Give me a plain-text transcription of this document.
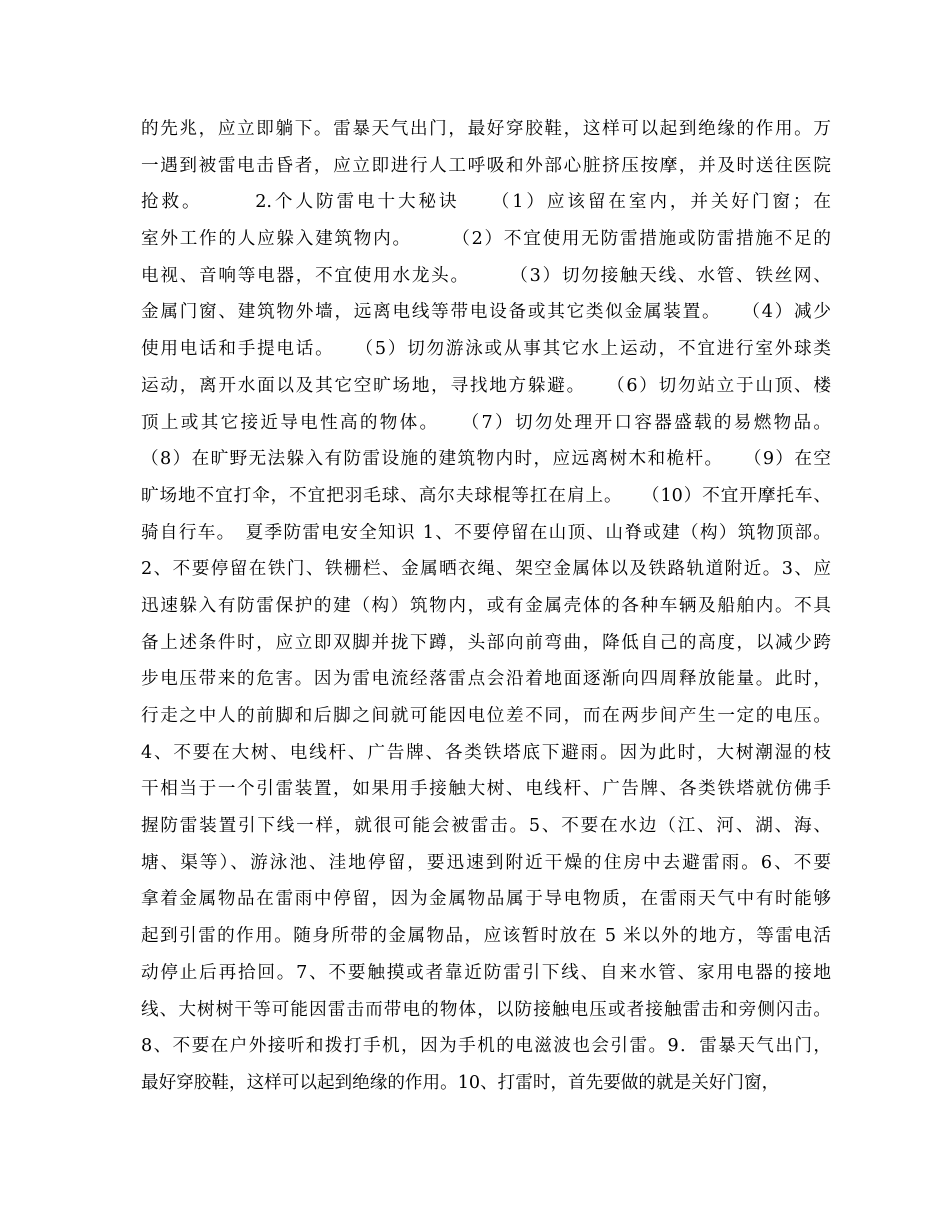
的先兆，应立即躺下。雷暴天气出门，最好穿胶鞋，这样可以起到绝缘的作用。万
一遇到被雷电击昏者，应立即进行人工呼吸和外部心脏挤压按摩，并及时送往医院
抢救。　　　2.个人防雷电十大秘诀　　（1）应该留在室内，并关好门窗；在
室外工作的人应躲入建筑物内。　　　（2）不宜使用无防雷措施或防雷措施不足的
电视、音响等电器，不宜使用水龙头。　　　（3）切勿接触天线、水管、铁丝网、
金属门窗、建筑物外墙，远离电线等带电设备或其它类似金属装置。　　（4）减少
使用电话和手提电话。　　（5）切勿游泳或从事其它水上运动，不宜进行室外球类
运动，离开水面以及其它空旷场地，寻找地方躲避。　　（6）切勿站立于山顶、楼
顶上或其它接近导电性高的物体。　　（7）切勿处理开口容器盛载的易燃物品。
（8）在旷野无法躲入有防雷设施的建筑物内时，应远离树木和桅杆。　　（9）在空
旷场地不宜打伞，不宜把羽毛球、高尔夫球棍等扛在肩上。　　（10）不宜开摩托车、
骑自行车。　夏季防雷电安全知识 1、不要停留在山顶、山脊或建（构）筑物顶部。
2、不要停留在铁门、铁栅栏、金属晒衣绳、架空金属体以及铁路轨道附近。3、应
迅速躲入有防雷保护的建（构）筑物内，或有金属壳体的各种车辆及船舶内。不具
备上述条件时，应立即双脚并拢下蹲，头部向前弯曲，降低自己的高度，以减少跨
步电压带来的危害。因为雷电流经落雷点会沿着地面逐渐向四周释放能量。此时，
行走之中人的前脚和后脚之间就可能因电位差不同，而在两步间产生一定的电压。
4、不要在大树、电线杆、广告牌、各类铁塔底下避雨。因为此时，大树潮湿的枝
干相当于一个引雷装置，如果用手接触大树、电线杆、广告牌、各类铁塔就仿佛手
握防雷装置引下线一样，就很可能会被雷击。5、不要在水边（江、河、湖、海、
塘、渠等）、游泳池、洼地停留，要迅速到附近干燥的住房中去避雷雨。6、不要
拿着金属物品在雷雨中停留，因为金属物品属于导电物质，在雷雨天气中有时能够
起到引雷的作用。随身所带的金属物品，应该暂时放在 5 米以外的地方，等雷电活
动停止后再拾回。7、不要触摸或者靠近防雷引下线、自来水管、家用电器的接地
线、大树树干等可能因雷击而带电的物体，以防接触电压或者接触雷击和旁侧闪击。
8、不要在户外接听和拨打手机，因为手机的电滋波也会引雷。9．雷暴天气出门，
最好穿胶鞋，这样可以起到绝缘的作用。10、打雷时，首先要做的就是关好门窗，
